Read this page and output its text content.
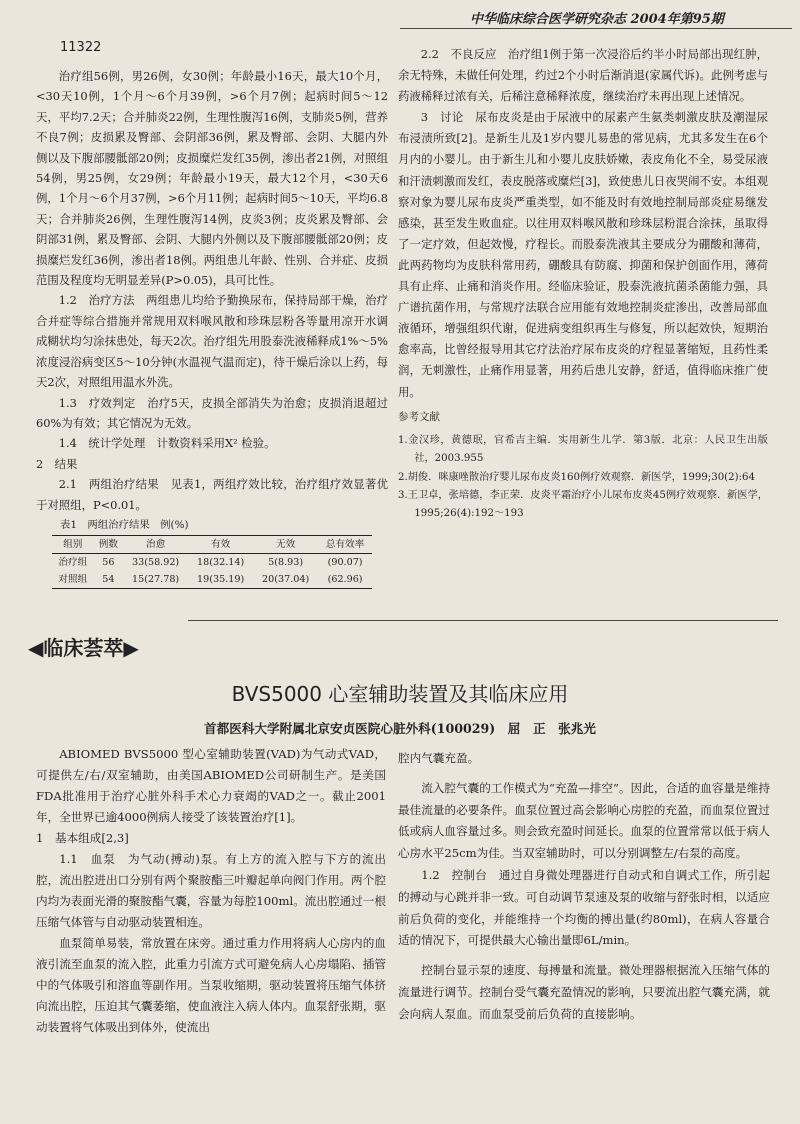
11322
中华临床综合医学研究杂志 2004年第95期

治疗组56例，男26例，女30例；年龄最小16天，最大10个月，<30天10例，1个月～6个月39例，>6个月7例；起病时间5～12天，平均7.2天；合并肺炎22例，生理性腹泻16例，支肺炎5例，营养不良7例；皮损累及臀部、会阴部36例，累及臀部、会阴、大腿内外侧以及下腹部腰骶部20例；皮损糜烂发红35例，渗出者21例，对照组54例，男25例，女29例；年龄最小19天，最大12个月，<30天6例，1个月～6个月37例，>6个月11例；起病时间5～10天，平均6.8天；合并肺炎26例，生理性腹泻14例，皮炎3例；皮炎累及臀部、会阴部31例，累及臀部、会阴、大腿内外侧以及下腹部腰骶部20例；皮损糜烂发红36例，渗出者18例。两组患儿年龄、性别、合并症、皮损范围及程度均无明显差异(P>0.05)，具可比性。

1.2　治疗方法　两组患儿均给予勤换尿布，保持局部干燥，治疗合并症等综合措施并常规用双料喉风散和珍珠层粉各等量用凉开水调成糊状均匀涂抹患处，每天2次。治疗组先用股泰洗液稀释成1%～5%浓度浸浴病变区5～10分钟(水温视气温而定)，待干燥后涂以上药，每天2次，对照组用温水外洗。

1.3　疗效判定　治疗5天，皮损全部消失为治愈；皮损消退超过60%为有效；其它情况为无效。

1.4　统计学处理　计数资料采用X² 检验。

2　结果

2.1　两组治疗结果　见表1，两组疗效比较，治疗组疗效显著优于对照组，P<0.01。

表1　两组治疗结果　例(%)
组别	例数	治愈	有效	无效	总有效率
治疗组	56	33(58.92)	18(32.14)	5(8.93)	(90.07)
对照组	54	15(27.78)	19(35.19)	20(37.04)	(62.96)

2.2　不良反应　治疗组1例于第一次浸浴后约半小时局部出现红肿，余无特殊，未做任何处理，约过2个小时后渐消退(家属代诉)。此例考虑与药液稀释过浓有关，后稀注意稀释浓度，继续治疗未再出现上述情况。

3　讨论　尿布皮炎是由于尿液中的尿素产生氨类刺激皮肤及潮湿尿布浸渍所致[2]。是新生儿及1岁内婴儿易患的常见病，尤其多发生在6个月内的小婴儿。由于新生儿和小婴儿皮肤娇嫩，表皮角化不全，易受尿液和汗渍刺激而发红，表皮脱落或糜烂[3]，致使患儿日夜哭闹不安。本组观察对象为婴儿尿布皮炎严重类型，如不能及时有效地控制局部炎症易继发感染，甚至发生败血症。以往用双料喉风散和珍珠层粉混合涂抹，虽取得了一定疗效，但起效慢，疗程长。而股泰洗液其主要成分为硼酸和薄荷，此两药物均为皮肤科常用药，硼酸具有防腐、抑菌和保护创面作用，薄荷具有止痒、止痛和消炎作用。经临床验证，股泰洗液抗菌杀菌能力强，具广谱抗菌作用，与常规疗法联合应用能有效地控制炎症渗出，改善局部血液循环，增强组织代谢，促进病变组织再生与修复，所以起效快，短期治愈率高，比曾经报导用其它疗法治疗尿布皮炎的疗程显著缩短，且药性柔润，无刺激性，止痛作用显著，用药后患儿安静，舒适，值得临床推广使用。

参考文献

1.金汉珍，黄德珉，官希吉主编．实用新生儿学．第3版．北京：人民卫生出版社，2003.955

2.胡俊．咪康唑散治疗婴儿尿布皮炎160例疗效观察．新医学，1999;30(2):64

3.王卫卓，张培德，李正荣．皮炎平霜治疗小儿尿布皮炎45例疗效观察．新医学，1995;26(4):192～193

◀临床荟萃▶
BVS5000 心室辅助装置及其临床应用
首都医科大学附属北京安贞医院心脏外科(100029)　屈　正　张兆光

ABIOMED BVS5000 型心室辅助装置(VAD)为气动式VAD，可提供左/右/双室辅助，由美国ABIOMED公司研制生产。是美国FDA批准用于治疗心脏外科手术心力衰竭的VAD之一。截止2001年，全世界已逾4000例病人接受了该装置治疗[1]。

1　基本组成[2,3]

1.1　血泵　为气动(搏动)泵。有上方的流入腔与下方的流出腔，流出腔进出口分别有两个聚胺酯三叶瓣起单向阀门作用。两个腔内均为表面光滑的聚胺酯气囊，容量为每腔100ml。流出腔通过一根压缩气体管与自动驱动装置相连。

血泵简单易装，常放置在床旁。通过重力作用将病人心房内的血液引流至血泵的流入腔，此重力引流方式可避免病人心房塌陷、插管中的气体吸引和溶血等副作用。当泵收缩期，驱动装置将压缩气体挤向流出腔，压迫其气囊萎缩，使血液注入病人体内。血泵舒张期，驱动装置将气体吸出到体外，使流出

腔内气囊充盈。

流入腔气囊的工作模式为“充盈—排空”。因此，合适的血容量是维持最佳流量的必要条件。血泵位置过高会影响心房腔的充盈，而血泵位置过低或病人血容量过多。则会致充盈时间延长。血泵的位置常常以低于病人心房水平25cm为佳。当双室辅助时，可以分别调整左/右泵的高度。

1.2　控制台　通过自身微处理器进行自动式和自调式工作，所引起的搏动与心跳并非一致。可自动调节泵速及泵的收缩与舒张时相，以适应前后负荷的变化，并能维持一个均衡的搏出量(约80ml)，在病人容量合适的情况下，可提供最大心输出量即6L/min。

控制台显示泵的速度、每搏量和流量。微处理器根据流入压缩气体的流量进行调节。控制台受气囊充盈情况的影响，只要流出腔气囊充满，就会向病人泵血。而血泵受前后负荷的直接影响。
